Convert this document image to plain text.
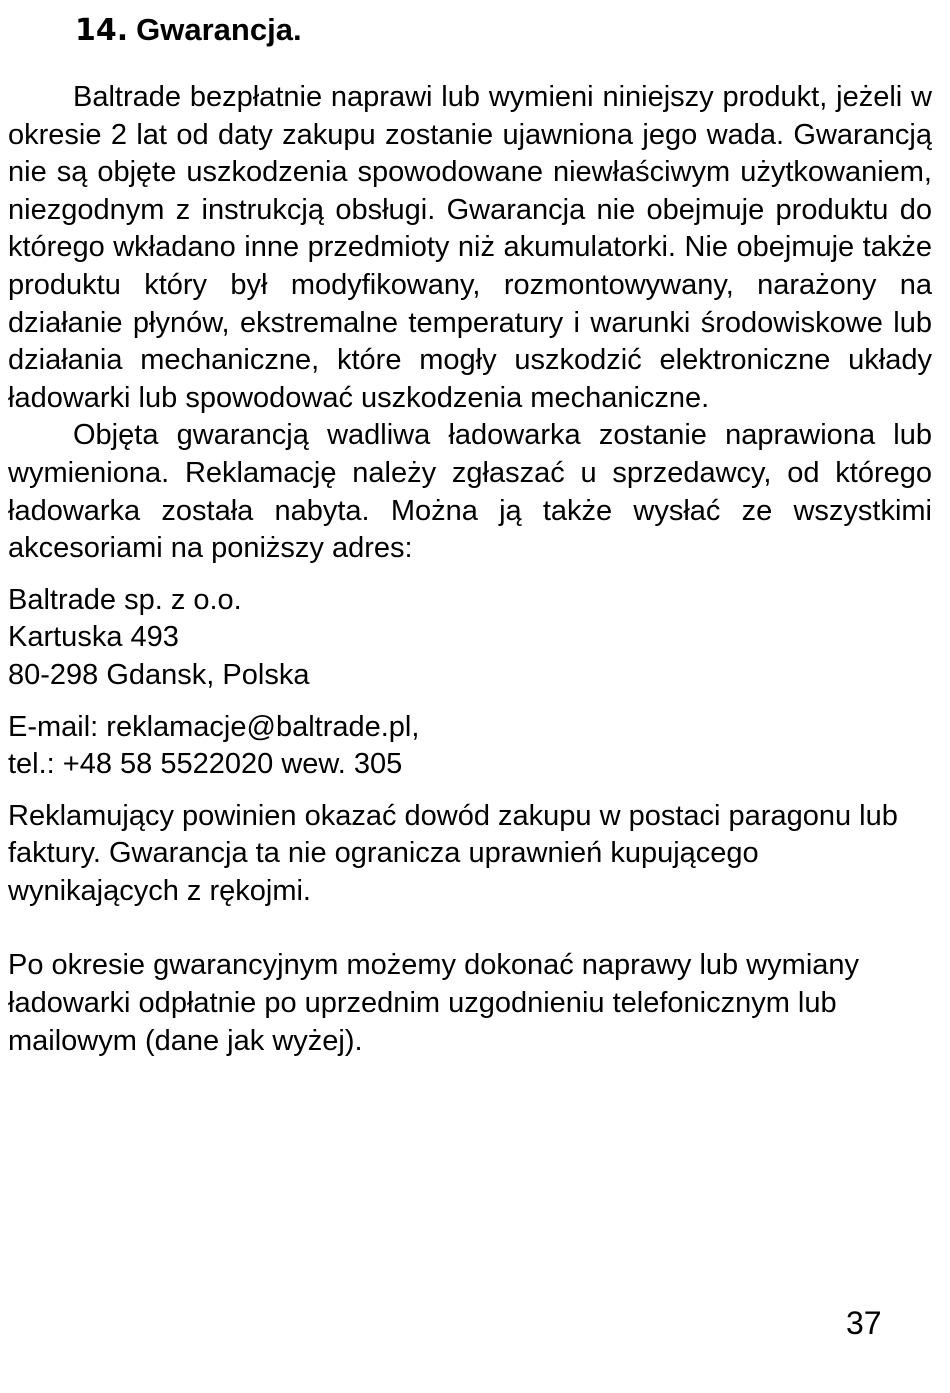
14. Gwarancja.

Baltrade bezpłatnie naprawi lub wymieni niniejszy produkt, jeżeli w okresie 2 lat od daty zakupu zostanie ujawniona jego wada. Gwarancją nie są objęte uszkodzenia spowodowane niewłaściwym użytkowaniem, niezgodnym z instrukcją obsługi. Gwarancja nie obejmuje produktu do którego wkładano inne przedmioty niż akumulatorki. Nie obejmuje także produktu który był modyfikowany, rozmontowywany, narażony na działanie płynów, ekstremalne temperatury i warunki środowiskowe lub działania mechaniczne, które mogły uszkodzić elektroniczne układy ładowarki lub spowodować uszkodzenia mechaniczne.

Objęta gwarancją wadliwa ładowarka zostanie naprawiona lub wymieniona. Reklamację należy zgłaszać u sprzedawcy, od którego ładowarka została nabyta. Można ją także wysłać ze wszystkimi akcesoriami na poniższy adres:

Baltrade sp. z o.o.
Kartuska 493
80-298 Gdansk, Polska

E-mail: reklamacje@baltrade.pl,
tel.: +48 58 5522020 wew. 305

Reklamujący powinien okazać dowód zakupu w postaci paragonu lub faktury. Gwarancja ta nie ogranicza uprawnień kupującego wynikających z rękojmi.

Po okresie gwarancyjnym możemy dokonać naprawy lub wymiany ładowarki odpłatnie po uprzednim uzgodnieniu telefonicznym lub mailowym (dane jak wyżej).

37
